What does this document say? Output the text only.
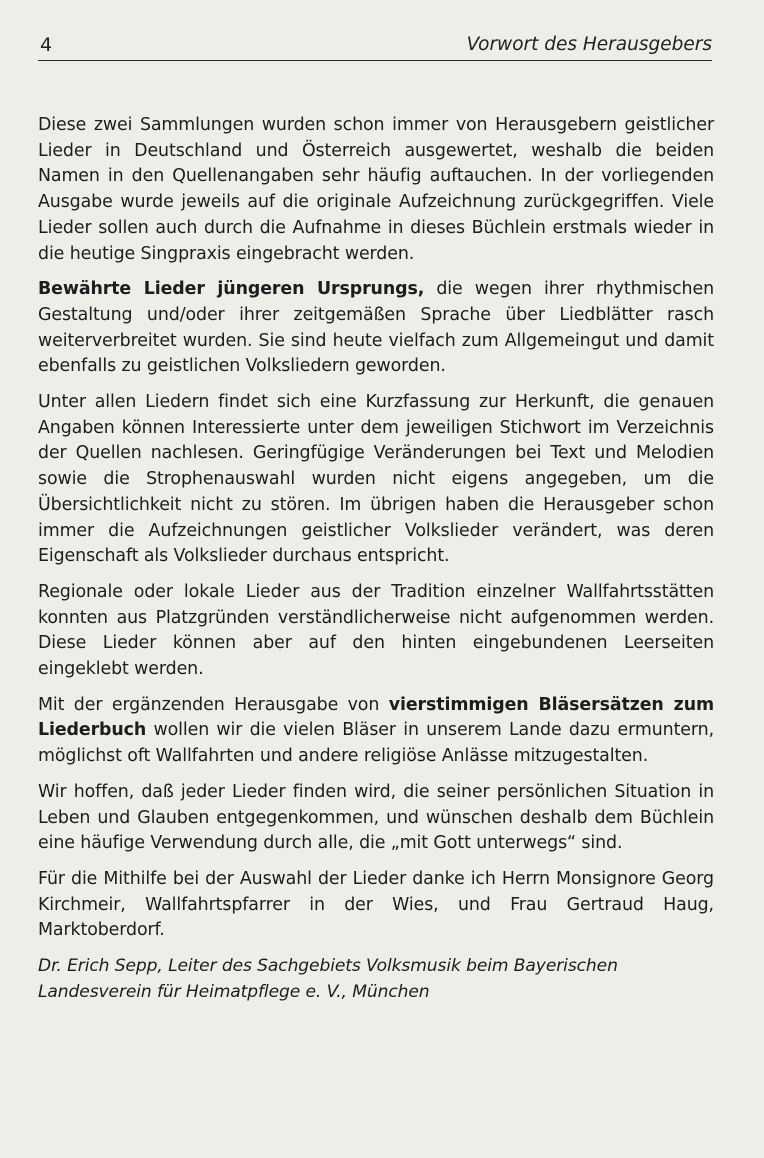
4	Vorwort des Herausgebers

Diese zwei Sammlungen wurden schon immer von Herausgebern geistlicher Lieder in Deutschland und Österreich ausgewertet, weshalb die beiden Namen in den Quellenangaben sehr häufig auftauchen. In der vorliegenden Ausgabe wurde jeweils auf die originale Aufzeichnung zurückgegriffen. Viele Lieder sollen auch durch die Aufnahme in dieses Büchlein erstmals wieder in die heutige Singpraxis eingebracht werden.

Bewährte Lieder jüngeren Ursprungs, die wegen ihrer rhythmischen Gestaltung und/oder ihrer zeitgemäßen Sprache über Liedblätter rasch weiterverbreitet wurden. Sie sind heute vielfach zum Allgemeingut und damit ebenfalls zu geistlichen Volksliedern geworden.

Unter allen Liedern findet sich eine Kurzfassung zur Herkunft, die genauen Angaben können Interessierte unter dem jeweiligen Stichwort im Verzeichnis der Quellen nachlesen. Geringfügige Veränderungen bei Text und Melodien sowie die Strophenauswahl wurden nicht eigens angegeben, um die Übersichtlichkeit nicht zu stören. Im übrigen haben die Herausgeber schon immer die Aufzeichnungen geistlicher Volkslieder verändert, was deren Eigenschaft als Volkslieder durchaus entspricht.

Regionale oder lokale Lieder aus der Tradition einzelner Wallfahrtsstätten konnten aus Platzgründen verständlicherweise nicht aufgenommen werden. Diese Lieder können aber auf den hinten eingebundenen Leerseiten eingeklebt werden.

Mit der ergänzenden Herausgabe von vierstimmigen Bläsersätzen zum Liederbuch wollen wir die vielen Bläser in unserem Lande dazu ermuntern, möglichst oft Wallfahrten und andere religiöse Anlässe mitzugestalten.

Wir hoffen, daß jeder Lieder finden wird, die seiner persönlichen Situation in Leben und Glauben entgegenkommen, und wünschen deshalb dem Büchlein eine häufige Verwendung durch alle, die „mit Gott unterwegs“ sind.

Für die Mithilfe bei der Auswahl der Lieder danke ich Herrn Monsignore Georg Kirchmeir, Wallfahrtspfarrer in der Wies, und Frau Gertraud Haug, Marktoberdorf.

Dr. Erich Sepp, Leiter des Sachgebiets Volksmusik beim Bayerischen Landesverein für Heimatpflege e. V., München
